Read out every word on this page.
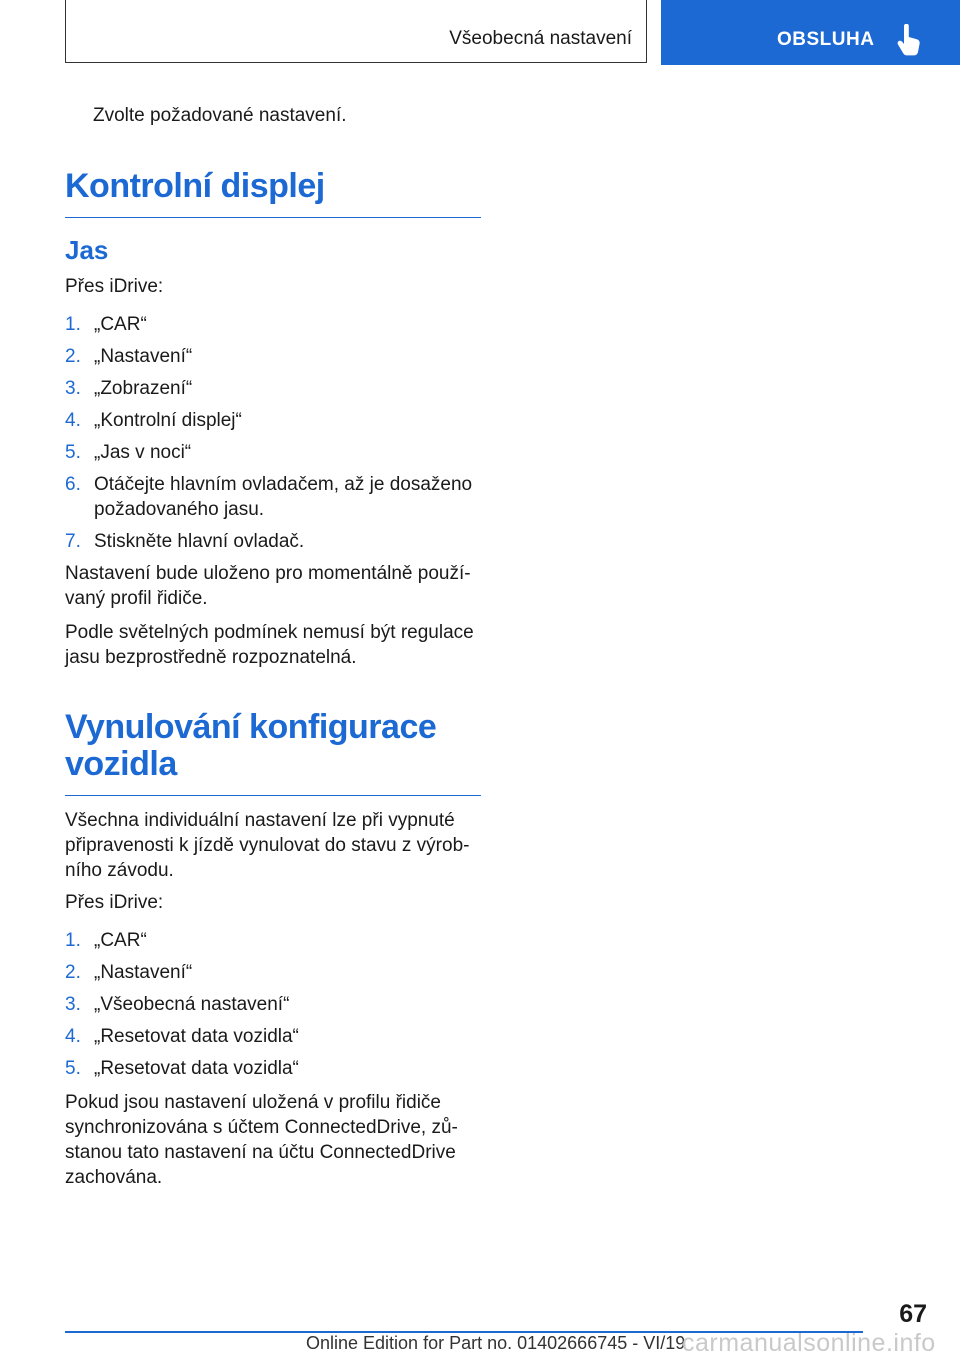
Všeobecná nastavení	OBSLUHA
Zvolte požadované nastavení.
Kontrolní displej
Jas

Přes iDrive:

1. „CAR“
2. „Nastavení“
3. „Zobrazení“
4. „Kontrolní displej“
5. „Jas v noci“
6. Otáčejte hlavním ovladačem, až je dosaženo požadovaného jasu.
7. Stiskněte hlavní ovladač.

Nastavení bude uloženo pro momentálně používaný profil řidiče.

Podle světelných podmínek nemusí být regulace jasu bezprostředně rozpoznatelná.

Vynulování konfigurace vozidla

Všechna individuální nastavení lze při vypnuté připravenosti k jízdě vynulovat do stavu z výrobního závodu.

Přes iDrive:

1. „CAR“
2. „Nastavení“
3. „Všeobecná nastavení“
4. „Resetovat data vozidla“
5. „Resetovat data vozidla“

Pokud jsou nastavení uložená v profilu řidiče synchronizována s účtem ConnectedDrive, zůstanou tato nastavení na účtu ConnectedDrive zachována.

67
Online Edition for Part no. 01402666745 - VI/19
carmanualsonline.info
